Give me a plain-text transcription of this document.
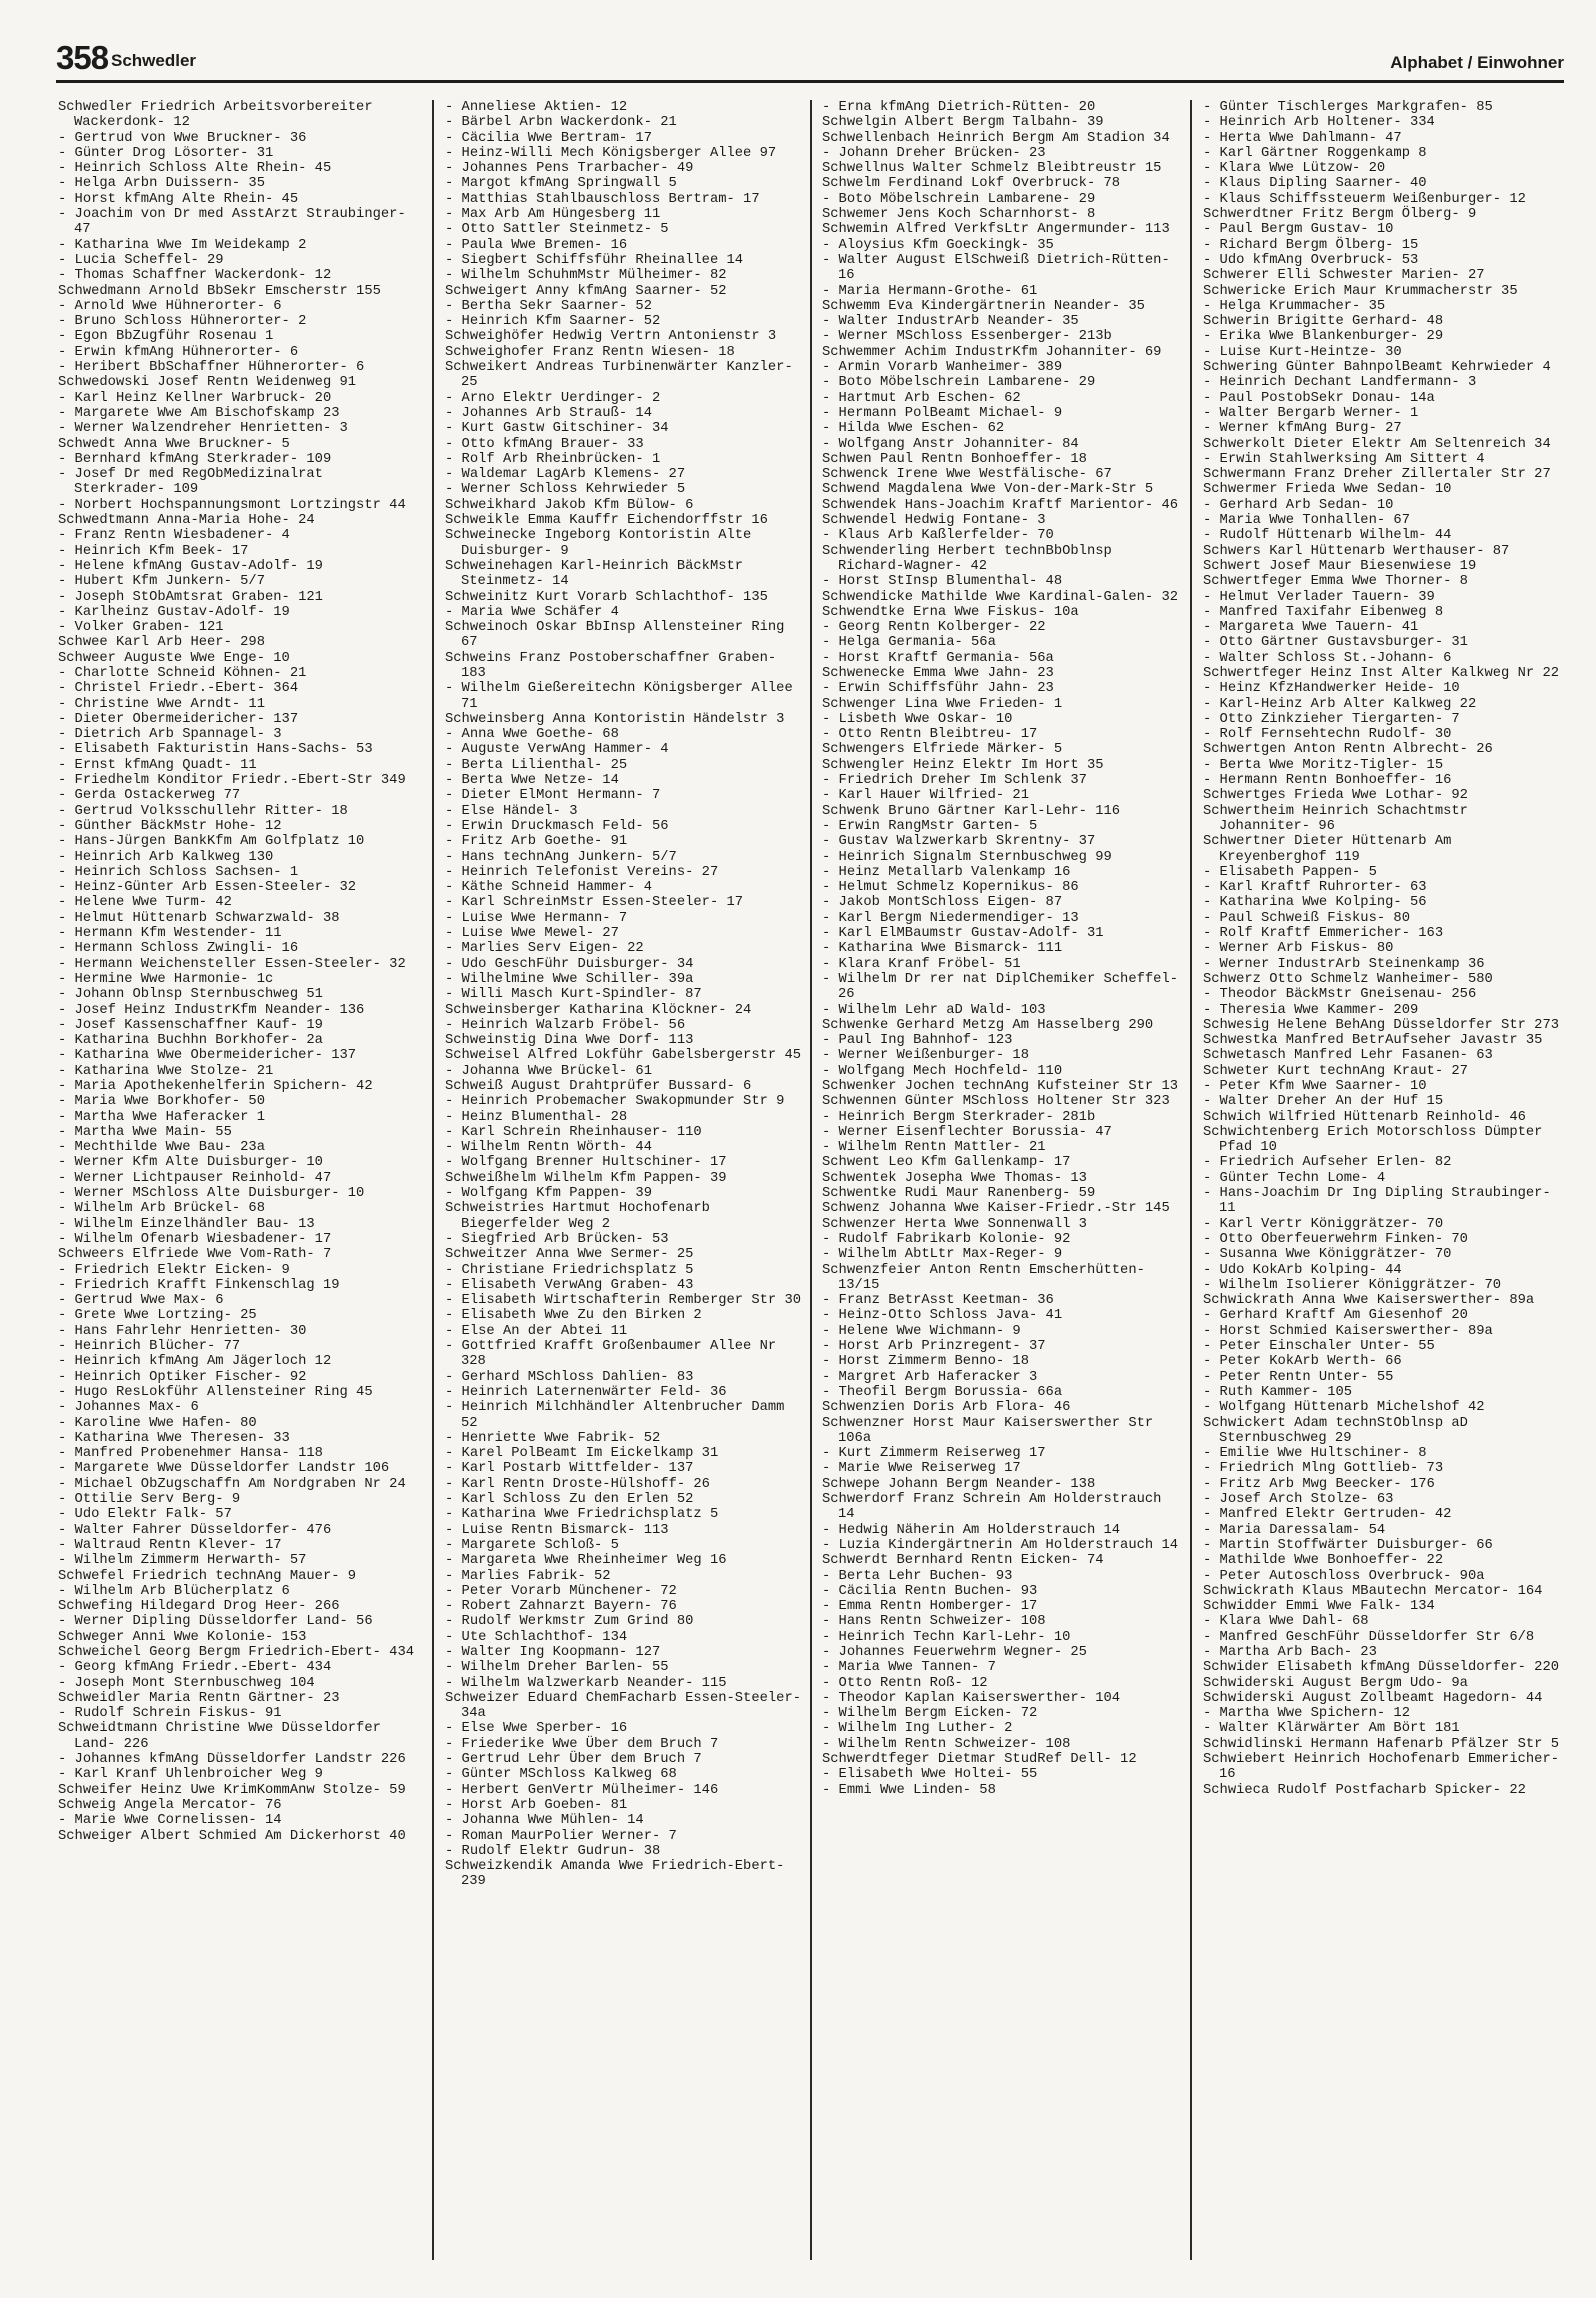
358 Schwedler	Alphabet / Einwohner
Schwedler Friedrich Arbeitsvorbereiter Wackerdonk- 12
- Gertrud von Wwe Bruckner- 36
- Günter Drog Lösorter- 31
- Heinrich Schloss Alte Rhein- 45
- Helga Arbn Duissern- 35
- Horst kfmAng Alte Rhein- 45
- Joachim von Dr med AsstArzt Straubinger- 47
- Katharina Wwe Im Weidekamp 2
- Lucia Scheffel- 29
- Thomas Schaffner Wackerdonk- 12
Schwedmann Arnold BbSekr Emscherstr 155
- Arnold Wwe Hühnerorter- 6
- Bruno Schloss Hühnerorter- 2
- Egon BbZugführ Rosenau 1
- Erwin kfmAng Hühnerorter- 6
- Heribert BbSchaffner Hühnerorter- 6
Schwedowski Josef Rentn Weidenweg 91
- Karl Heinz Kellner Warbruck- 20
- Margarete Wwe Am Bischofskamp 23
- Werner Walzendreher Henrietten- 3
Schwedt Anna Wwe Bruckner- 5
- Bernhard kfmAng Sterkrader- 109
- Josef Dr med RegObMedizinalrat Sterkrader- 109
- Norbert Hochspannungsmont Lortzingstr 44
Schwedtmann Anna-Maria Hohe- 24
- Franz Rentn Wiesbadener- 4
- Heinrich Kfm Beek- 17
- Helene kfmAng Gustav-Adolf- 19
- Hubert Kfm Junkern- 5/7
- Joseph StObAmtsrat Graben- 121
- Karlheinz Gustav-Adolf- 19
- Volker Graben- 121
Schwee Karl Arb Heer- 298
Schweer Auguste Wwe Enge- 10
- Charlotte Schneid Köhnen- 21
- Christel Friedr.-Ebert- 364
- Christine Wwe Arndt- 11
- Dieter Obermeidericher- 137
- Dietrich Arb Spannagel- 3
- Elisabeth Fakturistin Hans-Sachs- 53
- Ernst kfmAng Quadt- 11
- Friedhelm Konditor Friedr.-Ebert-Str 349
- Gerda Ostackerweg 77
- Gertrud Volksschullehr Ritter- 18
- Günther BäckMstr Hohe- 12
- Hans-Jürgen BankKfm Am Golfplatz 10
- Heinrich Arb Kalkweg 130
- Heinrich Schloss Sachsen- 1
- Heinz-Günter Arb Essen-Steeler- 32
- Helene Wwe Turm- 42
- Helmut Hüttenarb Schwarzwald- 38
- Hermann Kfm Westender- 11
- Hermann Schloss Zwingli- 16
- Hermann Weichensteller Essen-Steeler- 32
- Hermine Wwe Harmonie- 1c
- Johann Oblnsp Sternbuschweg 51
- Josef Heinz IndustrKfm Neander- 136
- Josef Kassenschaffner Kauf- 19
- Katharina Buchhn Borkhofer- 2a
- Katharina Wwe Obermeidericher- 137
- Katharina Wwe Stolze- 21
- Maria Apothekenhelferin Spichern- 42
- Maria Wwe Borkhofer- 50
- Martha Wwe Haferacker 1
- Martha Wwe Main- 55
- Mechthilde Wwe Bau- 23a
- Werner Kfm Alte Duisburger- 10
- Werner Lichtpauser Reinhold- 47
- Werner MSchloss Alte Duisburger- 10
- Wilhelm Arb Brückel- 68
- Wilhelm Einzelhändler Bau- 13
- Wilhelm Ofenarb Wiesbadener- 17
Schweers Elfriede Wwe Vom-Rath- 7
- Friedrich Elektr Eicken- 9
- Friedrich Krafft Finkenschlag 19
- Gertrud Wwe Max- 6
- Grete Wwe Lortzing- 25
- Hans Fahrlehr Henrietten- 30
- Heinrich Blücher- 77
- Heinrich kfmAng Am Jägerloch 12
- Heinrich Optiker Fischer- 92
- Hugo ResLokführ Allensteiner Ring 45
- Johannes Max- 6
- Karoline Wwe Hafen- 80
- Katharina Wwe Theresen- 33
- Manfred Probenehmer Hansa- 118
- Margarete Wwe Düsseldorfer Landstr 106
- Michael ObZugschaffn Am Nordgraben Nr 24
- Ottilie Serv Berg- 9
- Udo Elektr Falk- 57
- Walter Fahrer Düsseldorfer- 476
- Waltraud Rentn Klever- 17
- Wilhelm Zimmerm Herwarth- 57
Schwefel Friedrich technAng Mauer- 9
- Wilhelm Arb Blücherplatz 6
Schwefing Hildegard Drog Heer- 266
- Werner Dipling Düsseldorfer Land- 56
Schweger Anni Wwe Kolonie- 153
Schweichel Georg Bergm Friedrich-Ebert- 434
- Georg kfmAng Friedr.-Ebert- 434
- Joseph Mont Sternbuschweg 104
Schweidler Maria Rentn Gärtner- 23
- Rudolf Schrein Fiskus- 91
Schweidtmann Christine Wwe Düsseldorfer Land- 226
- Johannes kfmAng Düsseldorfer Landstr 226
- Karl Kranf Uhlenbroicher Weg 9
Schweifer Heinz Uwe KrimKommAnw Stolze- 59
Schweig Angela Mercator- 76
- Marie Wwe Cornelissen- 14
Schweiger Albert Schmied Am Dickerhorst 40
- Anneliese Aktien- 12
- Bärbel Arbn Wackerdonk- 21
- Cäcilia Wwe Bertram- 17
- Heinz-Willi Mech Königsberger Allee 97
- Johannes Pens Trarbacher- 49
- Margot kfmAng Springwall 5
- Matthias Stahlbauschloss Bertram- 17
- Max Arb Am Hüngesberg 11
- Otto Sattler Steinmetz- 5
- Paula Wwe Bremen- 16
- Siegbert Schiffsführ Rheinallee 14
- Wilhelm SchuhmMstr Mülheimer- 82
Schweigert Anny kfmAng Saarner- 52
- Bertha Sekr Saarner- 52
- Heinrich Kfm Saarner- 52
Schweighöfer Hedwig Vertrn Antonienstr 3
Schweighofer Franz Rentn Wiesen- 18
Schweikert Andreas Turbinenwärter Kanzler- 25
- Arno Elektr Uerdinger- 2
- Johannes Arb Strauß- 14
- Kurt Gastw Gitschiner- 34
- Otto kfmAng Brauer- 33
- Rolf Arb Rheinbrücken- 1
- Waldemar LagArb Klemens- 27
- Werner Schloss Kehrwieder 5
Schweikhard Jakob Kfm Bülow- 6
Schweikle Emma Kauffr Eichendorffstr 16
Schweinecke Ingeborg Kontoristin Alte Duisburger- 9
Schweinehagen Karl-Heinrich BäckMstr Steinmetz- 14
Schweinitz Kurt Vorarb Schlachthof- 135
- Maria Wwe Schäfer 4
Schweinoch Oskar BbInsp Allensteiner Ring 67
Schweins Franz Postoberschaffner Graben- 183
- Wilhelm Gießereitechn Königsberger Allee 71
Schweinsberg Anna Kontoristin Händelstr 3
- Anna Wwe Goethe- 68
- Auguste VerwAng Hammer- 4
- Berta Lilienthal- 25
- Berta Wwe Netze- 14
- Dieter ElMont Hermann- 7
- Else Händel- 3
- Erwin Druckmasch Feld- 56
- Fritz Arb Goethe- 91
- Hans technAng Junkern- 5/7
- Heinrich Telefonist Vereins- 27
- Käthe Schneid Hammer- 4
- Karl SchreinMstr Essen-Steeler- 17
- Luise Wwe Hermann- 7
- Luise Wwe Mewel- 27
- Marlies Serv Eigen- 22
- Udo GeschFühr Duisburger- 34
- Wilhelmine Wwe Schiller- 39a
- Willi Masch Kurt-Spindler- 87
Schweinsberger Katharina Klöckner- 24
- Heinrich Walzarb Fröbel- 56
Schweinstig Dina Wwe Dorf- 113
Schweisel Alfred Lokführ Gabelsbergerstr 45
- Johanna Wwe Brückel- 61
Schweiß August Drahtprüfer Bussard- 6
- Heinrich Probemacher Swakopmunder Str 9
- Heinz Blumenthal- 28
- Karl Schrein Rheinhauser- 110
- Wilhelm Rentn Wörth- 44
- Wolfgang Brenner Hultschiner- 17
Schweißhelm Wilhelm Kfm Pappen- 39
- Wolfgang Kfm Pappen- 39
Schweistries Hartmut Hochofenarb Biegerfelder Weg 2
- Siegfried Arb Brücken- 53
Schweitzer Anna Wwe Sermer- 25
- Christiane Friedrichsplatz 5
- Elisabeth VerwAng Graben- 43
- Elisabeth Wirtschafterin Remberger Str 30
- Elisabeth Wwe Zu den Birken 2
- Else An der Abtei 11
- Gottfried Krafft Großenbaumer Allee Nr 328
- Gerhard MSchloss Dahlien- 83
- Heinrich Laternenwärter Feld- 36
- Heinrich Milchhändler Altenbrucher Damm 52
- Henriette Wwe Fabrik- 52
- Karel PolBeamt Im Eickelkamp 31
- Karl Postarb Wittfelder- 137
- Karl Rentn Droste-Hülshoff- 26
- Karl Schloss Zu den Erlen 52
- Katharina Wwe Friedrichsplatz 5
- Luise Rentn Bismarck- 113
- Margarete Schloß- 5
- Margareta Wwe Rheinheimer Weg 16
- Marlies Fabrik- 52
- Peter Vorarb Münchener- 72
- Robert Zahnarzt Bayern- 76
- Rudolf Werkmstr Zum Grind 80
- Ute Schlachthof- 134
- Walter Ing Koopmann- 127
- Wilhelm Dreher Barlen- 55
- Wilhelm Walzwerkarb Neander- 115
Schweizer Eduard ChemFacharb Essen-Steeler- 34a
- Else Wwe Sperber- 16
- Friederike Wwe Über dem Bruch 7
- Gertrud Lehr Über dem Bruch 7
- Günter MSchloss Kalkweg 68
- Herbert GenVertr Mülheimer- 146
- Horst Arb Goeben- 81
- Johanna Wwe Mühlen- 14
- Roman MaurPolier Werner- 7
- Rudolf Elektr Gudrun- 38
Schweizkendik Amanda Wwe Friedrich-Ebert- 239
- Erna kfmAng Dietrich-Rütten- 20
Schwelgin Albert Bergm Talbahn- 39
Schwellenbach Heinrich Bergm Am Stadion 34
- Johann Dreher Brücken- 23
Schwellnus Walter Schmelz Bleibtreustr 15
Schwelm Ferdinand Lokf Overbruck- 78
- Boto Möbelschrein Lambarene- 29
Schwemer Jens Koch Scharnhorst- 8
Schwemin Alfred VerkfsLtr Angermunder- 113
- Aloysius Kfm Goeckingk- 35
- Walter August ElSchweiß Dietrich-Rütten- 16
- Maria Hermann-Grothe- 61
Schwemm Eva Kindergärtnerin Neander- 35
- Walter IndustrArb Neander- 35
- Werner MSchloss Essenberger- 213b
Schwemmer Achim IndustrKfm Johanniter- 69
- Armin Vorarb Wanheimer- 389
- Boto Möbelschrein Lambarene- 29
- Hartmut Arb Eschen- 62
- Hermann PolBeamt Michael- 9
- Hilda Wwe Eschen- 62
- Wolfgang Anstr Johanniter- 84
Schwen Paul Rentn Bonhoeffer- 18
Schwenck Irene Wwe Westfälische- 67
Schwend Magdalena Wwe Von-der-Mark-Str 5
Schwendek Hans-Joachim Kraftf Marientor- 46
Schwendel Hedwig Fontane- 3
- Klaus Arb Kaßlerfelder- 70
Schwenderling Herbert technBbOblnsp Richard-Wagner- 42
- Horst StInsp Blumenthal- 48
Schwendicke Mathilde Wwe Kardinal-Galen- 32
Schwendtke Erna Wwe Fiskus- 10a
- Georg Rentn Kolberger- 22
- Helga Germania- 56a
- Horst Kraftf Germania- 56a
Schwenecke Emma Wwe Jahn- 23
- Erwin Schiffsführ Jahn- 23
Schwenger Lina Wwe Frieden- 1
- Lisbeth Wwe Oskar- 10
- Otto Rentn Bleibtreu- 17
Schwengers Elfriede Märker- 5
Schwengler Heinz Elektr Im Hort 35
- Friedrich Dreher Im Schlenk 37
- Karl Hauer Wilfried- 21
Schwenk Bruno Gärtner Karl-Lehr- 116
- Erwin RangMstr Garten- 5
- Gustav Walzwerkarb Skrentny- 37
- Heinrich Signalm Sternbuschweg 99
- Heinz Metallarb Valenkamp 16
- Helmut Schmelz Kopernikus- 86
- Jakob MontSchloss Eigen- 87
- Karl Bergm Niedermendiger- 13
- Karl ElMBaumstr Gustav-Adolf- 31
- Katharina Wwe Bismarck- 111
- Klara Kranf Fröbel- 51
- Wilhelm Dr rer nat DiplChemiker Scheffel- 26
- Wilhelm Lehr aD Wald- 103
Schwenke Gerhard Metzg Am Hasselberg 290
- Paul Ing Bahnhof- 123
- Werner Weißenburger- 18
- Wolfgang Mech Hochfeld- 110
Schwenker Jochen technAng Kufsteiner Str 13
Schwennen Günter MSchloss Holtener Str 323
- Heinrich Bergm Sterkrader- 281b
- Werner Eisenflechter Borussia- 47
- Wilhelm Rentn Mattler- 21
Schwent Leo Kfm Gallenkamp- 17
Schwentek Josepha Wwe Thomas- 13
Schwentke Rudi Maur Ranenberg- 59
Schwenz Johanna Wwe Kaiser-Friedr.-Str 145
Schwenzer Herta Wwe Sonnenwall 3
- Rudolf Fabrikarb Kolonie- 92
- Wilhelm AbtLtr Max-Reger- 9
Schwenzfeier Anton Rentn Emscherhütten- 13/15
- Franz BetrAsst Keetman- 36
- Heinz-Otto Schloss Java- 41
- Helene Wwe Wichmann- 9
- Horst Arb Prinzregent- 37
- Horst Zimmerm Benno- 18
- Margret Arb Haferacker 3
- Theofil Bergm Borussia- 66a
Schwenzien Doris Arb Flora- 46
Schwenzner Horst Maur Kaiserswerther Str 106a
- Kurt Zimmerm Reiserweg 17
- Marie Wwe Reiserweg 17
Schwepe Johann Bergm Neander- 138
Schwerdorf Franz Schrein Am Holderstrauch 14
- Hedwig Näherin Am Holderstrauch 14
- Luzia Kindergärtnerin Am Holderstrauch 14
Schwerdt Bernhard Rentn Eicken- 74
- Berta Lehr Buchen- 93
- Cäcilia Rentn Buchen- 93
- Emma Rentn Homberger- 17
- Hans Rentn Schweizer- 108
- Heinrich Techn Karl-Lehr- 10
- Johannes Feuerwehrm Wegner- 25
- Maria Wwe Tannen- 7
- Otto Rentn Roß- 12
- Theodor Kaplan Kaiserswerther- 104
- Wilhelm Bergm Eicken- 72
- Wilhelm Ing Luther- 2
- Wilhelm Rentn Schweizer- 108
Schwerdtfeger Dietmar StudRef Dell- 12
- Elisabeth Wwe Holtei- 55
- Emmi Wwe Linden- 58
- Günter Tischlerges Markgrafen- 85
- Heinrich Arb Holtener- 334
- Herta Wwe Dahlmann- 47
- Karl Gärtner Roggenkamp 8
- Klara Wwe Lützow- 20
- Klaus Dipling Saarner- 40
- Klaus Schiffssteuerm Weißenburger- 12
Schwerdtner Fritz Bergm Ölberg- 9
- Paul Bergm Gustav- 10
- Richard Bergm Ölberg- 15
- Udo kfmAng Overbruck- 53
Schwerer Elli Schwester Marien- 27
Schwericke Erich Maur Krummacherstr 35
- Helga Krummacher- 35
Schwerin Brigitte Gerhard- 48
- Erika Wwe Blankenburger- 29
- Luise Kurt-Heintze- 30
Schwering Günter BahnpolBeamt Kehrwieder 4
- Heinrich Dechant Landfermann- 3
- Paul PostobSekr Donau- 14a
- Walter Bergarb Werner- 1
- Werner kfmAng Burg- 27
Schwerkolt Dieter Elektr Am Seltenreich 34
- Erwin Stahlwerksing Am Sittert 4
Schwermann Franz Dreher Zillertaler Str 27
Schwermer Frieda Wwe Sedan- 10
- Gerhard Arb Sedan- 10
- Maria Wwe Tonhallen- 67
- Rudolf Hüttenarb Wilhelm- 44
Schwers Karl Hüttenarb Werthauser- 87
Schwert Josef Maur Biesenwiese 19
Schwertfeger Emma Wwe Thorner- 8
- Helmut Verlader Tauern- 39
- Manfred Taxifahr Eibenweg 8
- Margareta Wwe Tauern- 41
- Otto Gärtner Gustavsburger- 31
- Walter Schloss St.-Johann- 6
Schwertfeger Heinz Inst Alter Kalkweg Nr 22
- Heinz KfzHandwerker Heide- 10
- Karl-Heinz Arb Alter Kalkweg 22
- Otto Zinkzieher Tiergarten- 7
- Rolf Fernsehtechn Rudolf- 30
Schwertgen Anton Rentn Albrecht- 26
- Berta Wwe Moritz-Tigler- 15
- Hermann Rentn Bonhoeffer- 16
Schwertges Frieda Wwe Lothar- 92
Schwertheim Heinrich Schachtmstr Johanniter- 96
Schwertner Dieter Hüttenarb Am Kreyenberghof 119
- Elisabeth Pappen- 5
- Karl Kraftf Ruhrorter- 63
- Katharina Wwe Kolping- 56
- Paul Schweiß Fiskus- 80
- Rolf Kraftf Emmericher- 163
- Werner Arb Fiskus- 80
- Werner IndustrArb Steinenkamp 36
Schwerz Otto Schmelz Wanheimer- 580
- Theodor BäckMstr Gneisenau- 256
- Theresia Wwe Kammer- 209
Schwesig Helene BehAng Düsseldorfer Str 273
Schwestka Manfred BetrAufseher Javastr 35
Schwetasch Manfred Lehr Fasanen- 63
Schweter Kurt technAng Kraut- 27
- Peter Kfm Wwe Saarner- 10
- Walter Dreher An der Huf 15
Schwich Wilfried Hüttenarb Reinhold- 46
Schwichtenberg Erich Motorschloss Dümpter Pfad 10
- Friedrich Aufseher Erlen- 82
- Günter Techn Lome- 4
- Hans-Joachim Dr Ing Dipling Straubinger- 11
- Karl Vertr Königgrätzer- 70
- Otto Oberfeuerwehrm Finken- 70
- Susanna Wwe Königgrätzer- 70
- Udo KokArb Kolping- 44
- Wilhelm Isolierer Königgrätzer- 70
Schwickrath Anna Wwe Kaiserswerther- 89a
- Gerhard Kraftf Am Giesenhof 20
- Horst Schmied Kaiserswerther- 89a
- Peter Einschaler Unter- 55
- Peter KokArb Werth- 66
- Peter Rentn Unter- 55
- Ruth Kammer- 105
- Wolfgang Hüttenarb Michelshof 42
Schwickert Adam technStOblnsp aD Sternbuschweg 29
- Emilie Wwe Hultschiner- 8
- Friedrich Mlng Gottlieb- 73
- Fritz Arb Mwg Beecker- 176
- Josef Arch Stolze- 63
- Manfred Elektr Gertruden- 42
- Maria Daressalam- 54
- Martin Stoffwärter Duisburger- 66
- Mathilde Wwe Bonhoeffer- 22
- Peter Autoschloss Overbruck- 90a
Schwickrath Klaus MBautechn Mercator- 164
Schwidder Emmi Wwe Falk- 134
- Klara Wwe Dahl- 68
- Manfred GeschFühr Düsseldorfer Str 6/8
- Martha Arb Bach- 23
Schwider Elisabeth kfmAng Düsseldorfer- 220
Schwiderski August Bergm Udo- 9a
Schwiderski August Zollbeamt Hagedorn- 44
- Martha Wwe Spichern- 12
- Walter Klärwärter Am Bört 181
Schwidlinski Hermann Hafenarb Pfälzer Str 5
Schwiebert Heinrich Hochofenarb Emmericher- 16
Schwieca Rudolf Postfacharb Spicker- 22
